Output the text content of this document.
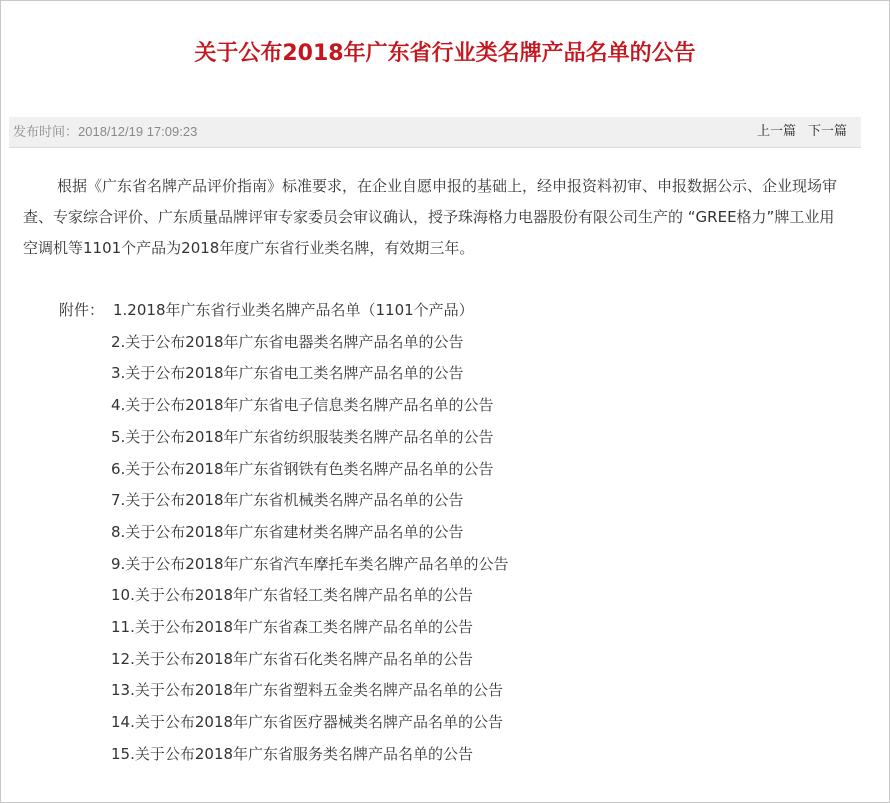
关于公布2018年广东省行业类名牌产品名单的公告
发布时间：2018/12/19 17:09:23	上一篇 下一篇

根据《广东省名牌产品评价指南》标准要求，在企业自愿申报的基础上，经申报资料初审、申报数据公示、企业现场审查、专家综合评价、广东质量品牌评审专家委员会审议确认，授予珠海格力电器股份有限公司生产的 “GREE格力”牌工业用空调机等1101个产品为2018年度广东省行业类名牌，有效期三年。

附件： 1.2018年广东省行业类名牌产品名单（1101个产品）
2.关于公布2018年广东省电器类名牌产品名单的公告
3.关于公布2018年广东省电工类名牌产品名单的公告
4.关于公布2018年广东省电子信息类名牌产品名单的公告
5.关于公布2018年广东省纺织服装类名牌产品名单的公告
6.关于公布2018年广东省钢铁有色类名牌产品名单的公告
7.关于公布2018年广东省机械类名牌产品名单的公告
8.关于公布2018年广东省建材类名牌产品名单的公告
9.关于公布2018年广东省汽车摩托车类名牌产品名单的公告
10.关于公布2018年广东省轻工类名牌产品名单的公告
11.关于公布2018年广东省森工类名牌产品名单的公告
12.关于公布2018年广东省石化类名牌产品名单的公告
13.关于公布2018年广东省塑料五金类名牌产品名单的公告
14.关于公布2018年广东省医疗器械类名牌产品名单的公告
15.关于公布2018年广东省服务类名牌产品名单的公告
